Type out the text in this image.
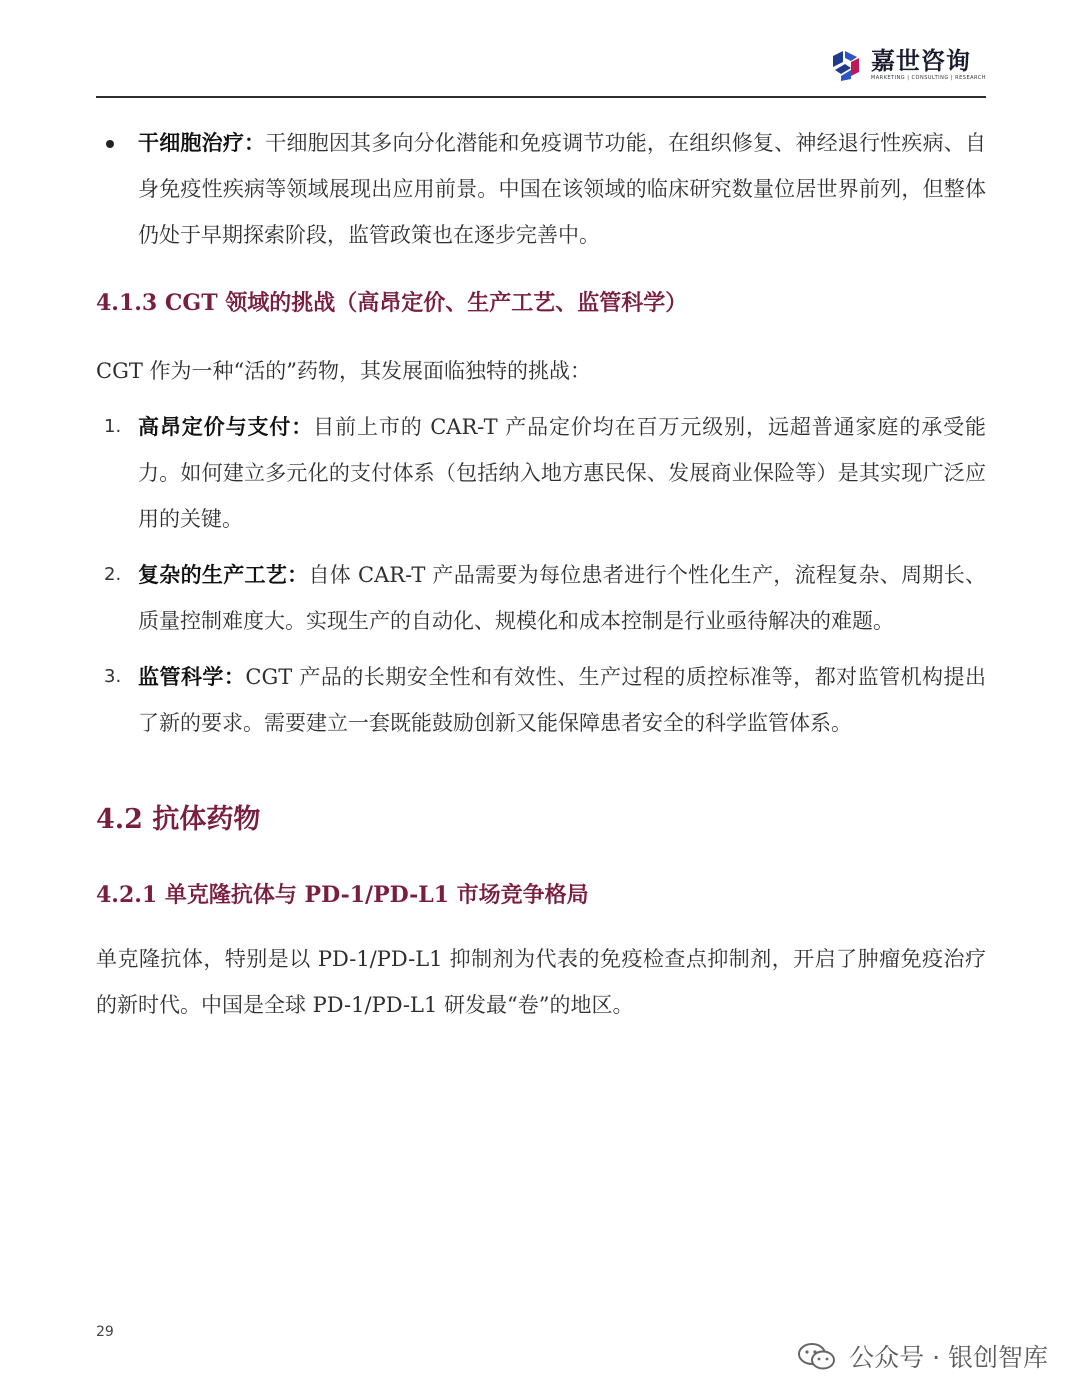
嘉世咨询
MARKETING | CONSULTING | RESEARCH
干细胞治疗：干细胞因其多向分化潜能和免疫调节功能，在组织修复、神经退行性疾病、自身免疫性疾病等领域展现出应用前景。中国在该领域的临床研究数量位居世界前列，但整体仍处于早期探索阶段，监管政策也在逐步完善中。
4.1.3 CGT 领域的挑战（高昂定价、生产工艺、监管科学）
CGT 作为一种“活的”药物，其发展面临独特的挑战：
1. 高昂定价与支付：目前上市的 CAR-T 产品定价均在百万元级别，远超普通家庭的承受能力。如何建立多元化的支付体系（包括纳入地方惠民保、发展商业保险等）是其实现广泛应用的关键。
2. 复杂的生产工艺：自体 CAR-T 产品需要为每位患者进行个性化生产，流程复杂、周期长、质量控制难度大。实现生产的自动化、规模化和成本控制是行业亟待解决的难题。
3. 监管科学：CGT 产品的长期安全性和有效性、生产过程的质控标准等，都对监管机构提出了新的要求。需要建立一套既能鼓励创新又能保障患者安全的科学监管体系。
4.2 抗体药物
4.2.1 单克隆抗体与 PD-1/PD-L1 市场竞争格局
单克隆抗体，特别是以 PD-1/PD-L1 抑制剂为代表的免疫检查点抑制剂，开启了肿瘤免疫治疗的新时代。中国是全球 PD-1/PD-L1 研发最“卷”的地区。
29
公众号 · 银创智库
